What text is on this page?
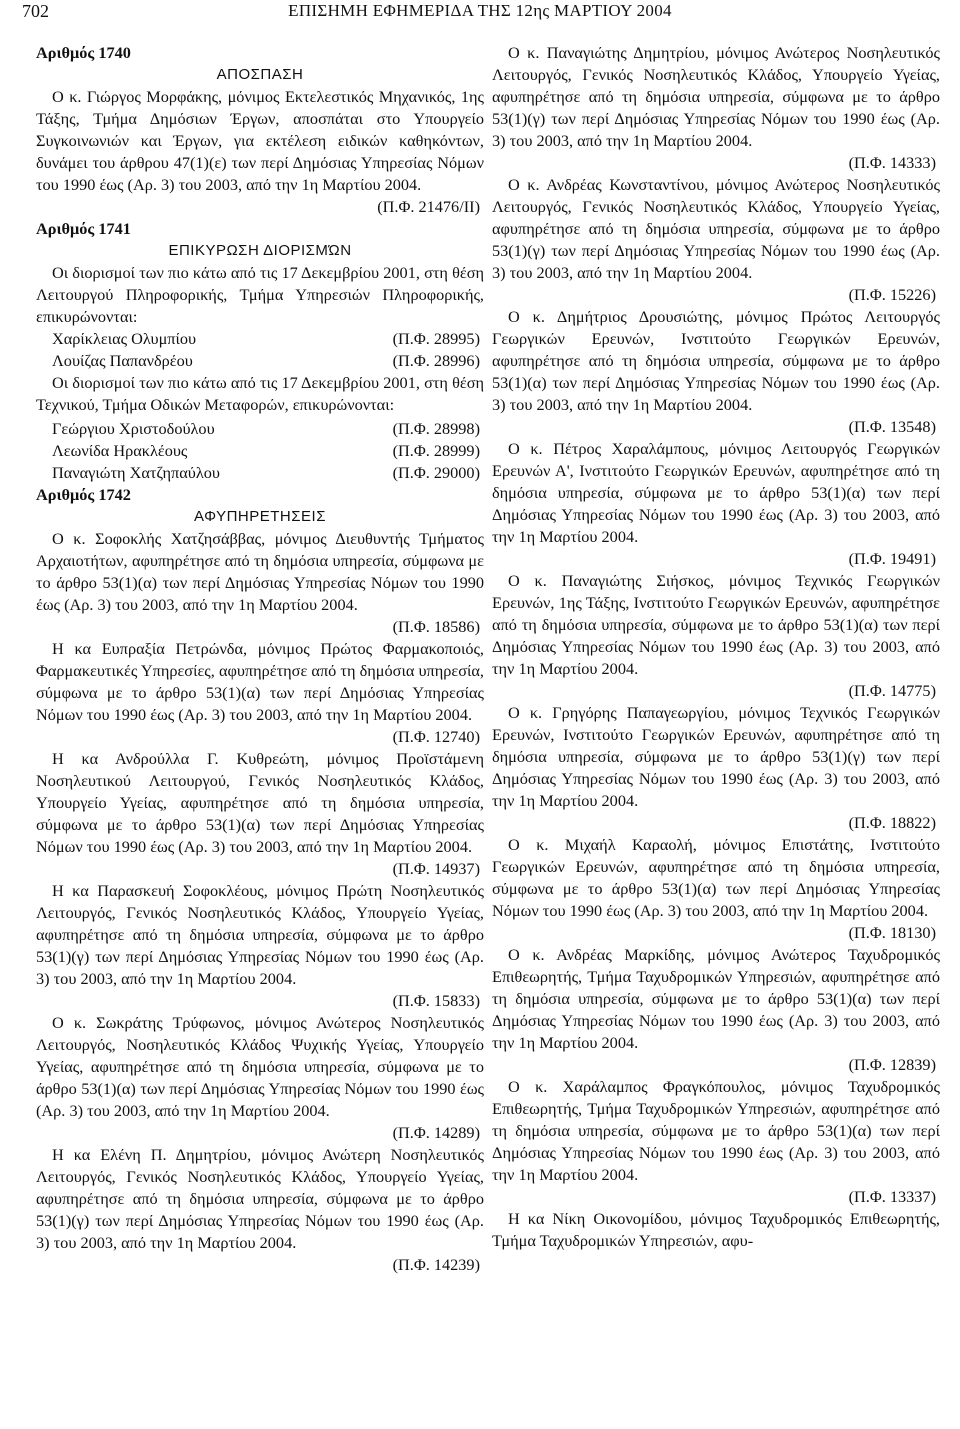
702	ΕΠΙΣΗΜΗ ΕΦΗΜΕΡΙΔΑ ΤΗΣ 12ης ΜΑΡΤΙΟΥ 2004

Αριθμός 1740

ΑΠΟΣΠΑΣΗ

Ο κ. Γιώργος Μορφάκης, μόνιμος Εκτελεστικός Μηχανικός, 1ης Τάξης, Τμήμα Δημόσιων Έργων, αποσπάται στο Υπουργείο Συγκοινωνιών και Έργων, για εκτέλεση ειδικών καθηκόντων, δυνάμει του άρθρου 47(1)(ε) των περί Δημόσιας Υπηρεσίας Νόμων του 1990 έως (Αρ. 3) του 2003, από την 1η Μαρτίου 2004.

(Π.Φ. 21476/ΙΙ)

Αριθμός 1741

ΕΠΙΚΥΡΩΣΗ ΔΙΟΡΙΣΜΏΝ

Οι διορισμοί των πιο κάτω από τις 17 Δεκεμβρίου 2001, στη θέση Λειτουργού Πληροφορικής, Τμήμα Υπηρεσιών Πληροφορικής, επικυρώνονται:

Χαρίκλειας Ολυμπίου	(Π.Φ. 28995)
Λουίζας Παπανδρέου	(Π.Φ. 28996)

Οι διορισμοί των πιο κάτω από τις 17 Δεκεμβρίου 2001, στη θέση Τεχνικού, Τμήμα Οδικών Μεταφορών, επικυρώνονται:

Γεώργιου Χριστοδούλου	(Π.Φ. 28998)
Λεωνίδα Ηρακλέους	(Π.Φ. 28999)
Παναγιώτη Χατζηπαύλου	(Π.Φ. 29000)

Αριθμός 1742

ΑΦΥΠΗΡΕΤΗΣΕΙΣ

Ο κ. Σοφοκλής Χατζησάββας, μόνιμος Διευθυντής Τμήματος Αρχαιοτήτων, αφυπηρέτησε από τη δημόσια υπηρεσία, σύμφωνα με το άρθρο 53(1)(α) των περί Δημόσιας Υπηρεσίας Νόμων του 1990 έως (Αρ. 3) του 2003, από την 1η Μαρτίου 2004.

(Π.Φ. 18586)

Η κα Ευπραξία Πετρώνδα, μόνιμος Πρώτος Φαρμακοποιός, Φαρμακευτικές Υπηρεσίες, αφυπηρέτησε από τη δημόσια υπηρεσία, σύμφωνα με το άρθρο 53(1)(α) των περί Δημόσιας Υπηρεσίας Νόμων του 1990 έως (Αρ. 3) του 2003, από την 1η Μαρτίου 2004.

(Π.Φ. 12740)

Η κα Ανδρούλλα Γ. Κυθρεώτη, μόνιμος Προϊστάμενη Νοσηλευτικού Λειτουργού, Γενικός Νοσηλευτικός Κλάδος, Υπουργείο Υγείας, αφυπηρέτησε από τη δημόσια υπηρεσία, σύμφωνα με το άρθρο 53(1)(α) των περί Δημόσιας Υπηρεσίας Νόμων του 1990 έως (Αρ. 3) του 2003, από την 1η Μαρτίου 2004.

(Π.Φ. 14937)

Η κα Παρασκευή Σοφοκλέους, μόνιμος Πρώτη Νοσηλευτικός Λειτουργός, Γενικός Νοσηλευτικός Κλάδος, Υπουργείο Υγείας, αφυπηρέτησε από τη δημόσια υπηρεσία, σύμφωνα με το άρθρο 53(1)(γ) των περί Δημόσιας Υπηρεσίας Νόμων του 1990 έως (Αρ. 3) του 2003, από την 1η Μαρτίου 2004.

(Π.Φ. 15833)

Ο κ. Σωκράτης Τρύφωνος, μόνιμος Ανώτερος Νοσηλευτικός Λειτουργός, Νοσηλευτικός Κλάδος Ψυχικής Υγείας, Υπουργείο Υγείας, αφυπηρέτησε από τη δημόσια υπηρεσία, σύμφωνα με το άρθρο 53(1)(α) των περί Δημόσιας Υπηρεσίας Νόμων του 1990 έως (Αρ. 3) του 2003, από την 1η Μαρτίου 2004.

(Π.Φ. 14289)

Η κα Ελένη Π. Δημητρίου, μόνιμος Ανώτερη Νοσηλευτικός Λειτουργός, Γενικός Νοσηλευτικός Κλάδος, Υπουργείο Υγείας, αφυπηρέτησε από τη δημόσια υπηρεσία, σύμφωνα με το άρθρο 53(1)(γ) των περί Δημόσιας Υπηρεσίας Νόμων του 1990 έως (Αρ. 3) του 2003, από την 1η Μαρτίου 2004.

(Π.Φ. 14239)

Ο κ. Παναγιώτης Δημητρίου, μόνιμος Ανώτερος Νοσηλευτικός Λειτουργός, Γενικός Νοσηλευτικός Κλάδος, Υπουργείο Υγείας, αφυπηρέτησε από τη δημόσια υπηρεσία, σύμφωνα με το άρθρο 53(1)(γ) των περί Δημόσιας Υπηρεσίας Νόμων του 1990 έως (Αρ. 3) του 2003, από την 1η Μαρτίου 2004.

(Π.Φ. 14333)

Ο κ. Ανδρέας Κωνσταντίνου, μόνιμος Ανώτερος Νοσηλευτικός Λειτουργός, Γενικός Νοσηλευτικός Κλάδος, Υπουργείο Υγείας, αφυπηρέτησε από τη δημόσια υπηρεσία, σύμφωνα με το άρθρο 53(1)(γ) των περί Δημόσιας Υπηρεσίας Νόμων του 1990 έως (Αρ. 3) του 2003, από την 1η Μαρτίου 2004.

(Π.Φ. 15226)

Ο κ. Δημήτριος Δρουσιώτης, μόνιμος Πρώτος Λειτουργός Γεωργικών Ερευνών, Ινστιτούτο Γεωργικών Ερευνών, αφυπηρέτησε από τη δημόσια υπηρεσία, σύμφωνα με το άρθρο 53(1)(α) των περί Δημόσιας Υπηρεσίας Νόμων του 1990 έως (Αρ. 3) του 2003, από την 1η Μαρτίου 2004.

(Π.Φ. 13548)

Ο κ. Πέτρος Χαραλάμπους, μόνιμος Λειτουργός Γεωργικών Ερευνών Α', Ινστιτούτο Γεωργικών Ερευνών, αφυπηρέτησε από τη δημόσια υπηρεσία, σύμφωνα με το άρθρο 53(1)(α) των περί Δημόσιας Υπηρεσίας Νόμων του 1990 έως (Αρ. 3) του 2003, από την 1η Μαρτίου 2004.

(Π.Φ. 19491)

Ο κ. Παναγιώτης Σιήσκος, μόνιμος Τεχνικός Γεωργικών Ερευνών, 1ης Τάξης, Ινστιτούτο Γεωργικών Ερευνών, αφυπηρέτησε από τη δημόσια υπηρεσία, σύμφωνα με το άρθρο 53(1)(α) των περί Δημόσιας Υπηρεσίας Νόμων του 1990 έως (Αρ. 3) του 2003, από την 1η Μαρτίου 2004.

(Π.Φ. 14775)

Ο κ. Γρηγόρης Παπαγεωργίου, μόνιμος Τεχνικός Γεωργικών Ερευνών, Ινστιτούτο Γεωργικών Ερευνών, αφυπηρέτησε από τη δημόσια υπηρεσία, σύμφωνα με το άρθρο 53(1)(γ) των περί Δημόσιας Υπηρεσίας Νόμων του 1990 έως (Αρ. 3) του 2003, από την 1η Μαρτίου 2004.

(Π.Φ. 18822)

Ο κ. Μιχαήλ Καραολή, μόνιμος Επιστάτης, Ινστιτούτο Γεωργικών Ερευνών, αφυπηρέτησε από τη δημόσια υπηρεσία, σύμφωνα με το άρθρο 53(1)(α) των περί Δημόσιας Υπηρεσίας Νόμων του 1990 έως (Αρ. 3) του 2003, από την 1η Μαρτίου 2004.

(Π.Φ. 18130)

Ο κ. Ανδρέας Μαρκίδης, μόνιμος Ανώτερος Ταχυδρομικός Επιθεωρητής, Τμήμα Ταχυδρομικών Υπηρεσιών, αφυπηρέτησε από τη δημόσια υπηρεσία, σύμφωνα με το άρθρο 53(1)(α) των περί Δημόσιας Υπηρεσίας Νόμων του 1990 έως (Αρ. 3) του 2003, από την 1η Μαρτίου 2004.

(Π.Φ. 12839)

Ο κ. Χαράλαμπος Φραγκόπουλος, μόνιμος Ταχυδρομικός Επιθεωρητής, Τμήμα Ταχυδρομικών Υπηρεσιών, αφυπηρέτησε από τη δημόσια υπηρεσία, σύμφωνα με το άρθρο 53(1)(α) των περί Δημόσιας Υπηρεσίας Νόμων του 1990 έως (Αρ. 3) του 2003, από την 1η Μαρτίου 2004.

(Π.Φ. 13337)

Η κα Νίκη Οικονομίδου, μόνιμος Ταχυδρομικός Επιθεωρητής, Τμήμα Ταχυδρομικών Υπηρεσιών, αφυ-
